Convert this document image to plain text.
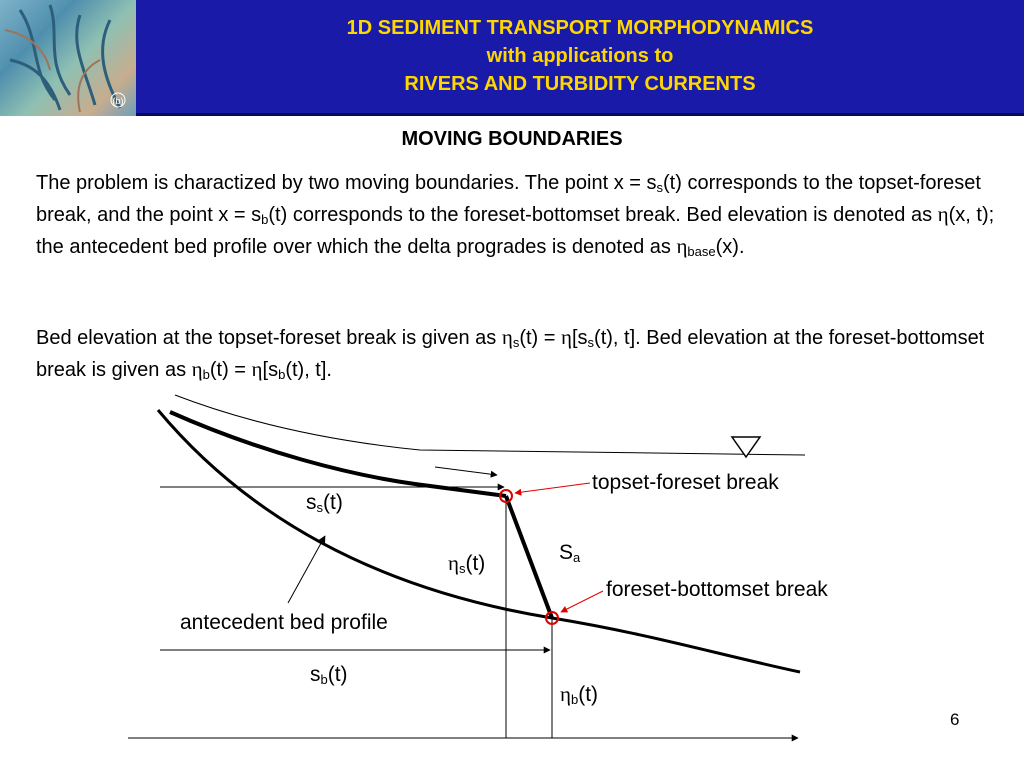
(b)
1D SEDIMENT TRANSPORT MORPHODYNAMICS
with applications to
RIVERS AND TURBIDITY CURRENTS
MOVING BOUNDARIES
The problem is charactized by two moving boundaries. The point $x = s_s(t)$ corresponds to the topset-foreset break, and the point $x = s_b(t)$ corresponds to the foreset-bottomset break. Bed elevation is denoted as η(x, t); the antecedent bed profile over which the delta progrades is denoted as $\eta_{base}(x)$.
Bed elevation at the topset-foreset break is given as $\eta_s(t) = \eta[s_s(t)$, t]. Bed elevation at the foreset-bottomset break is given as $\eta_b(t) = \eta[s_b(t)$, t].
topset-foreset break
foreset-bottomset break
antecedent bed profile
$s_s(t)$
$s_b(t)$
$\eta_s(t)$
$\eta_b(t)$
$S_a$
6
